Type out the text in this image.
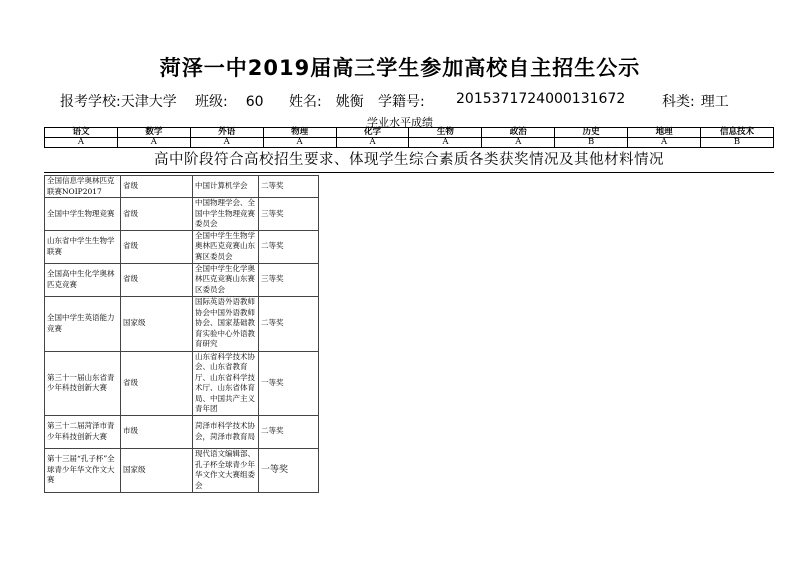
菏泽一中2019届高三学生参加高校自主招生公示
报考学校:天津大学 班级: 60 姓名: 姚衡 学籍号: 2015371724000131672	科类: 理工
学业水平成绩
语文	数学	外语	物理	化学	生物	政治	历史	地理	信息技术
A	A	A	A	A	A	A	B	A	B
高中阶段符合高校招生要求、体现学生综合素质各类获奖情况及其他材料情况
全国信息学奥林匹克联赛NOIP2017	省级	中国计算机学会	二等奖
全国中学生物理竞赛	省级	中国物理学会、全国中学生物理竞赛委员会	三等奖
山东省中学生生物学联赛	省级	全国中学生生物学奥林匹克竞赛山东赛区委员会	二等奖
全国高中生化学奥林匹克竞赛	省级	全国中学生化学奥林匹克竞赛山东赛区委员会	三等奖
全国中学生英语能力竞赛	国家级	国际英语外语教师协会中国外语教师协会、国家基础教育实验中心外语教育研究	二等奖
第三十一届山东省青少年科技创新大赛	省级	山东省科学技术协会、山东省教育厅、山东省科学技术厅、山东省体育局、中国共产主义青年团	一等奖
第三十二届菏泽市青少年科技创新大赛	市级	菏泽市科学技术协会，菏泽市教育局	二等奖
第十三届“孔子杯”全球青少年华文作文大赛	国家级	现代语文编辑部、孔子杯全球青少年华文作文大赛组委会	一等奖
